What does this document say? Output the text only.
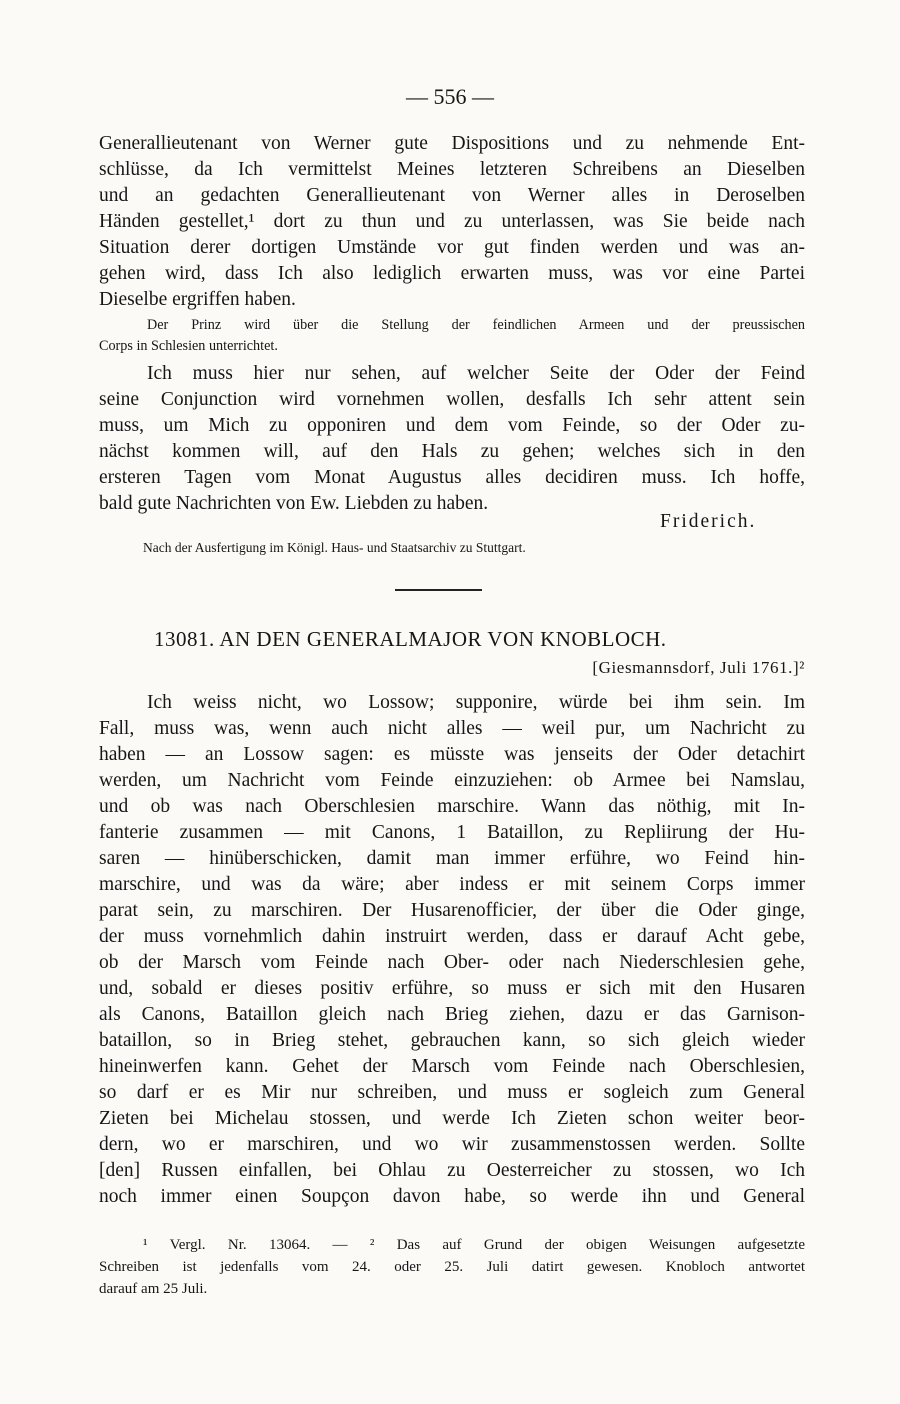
— 556 —
Generallieutenant von Werner gute Dispositions und zu nehmende Ent-
schlüsse, da Ich vermittelst Meines letzteren Schreibens an Dieselben
und an gedachten Generallieutenant von Werner alles in Deroselben
Händen gestellet,¹ dort zu thun und zu unterlassen, was Sie beide nach
Situation derer dortigen Umstände vor gut finden werden und was an-
gehen wird, dass Ich also lediglich erwarten muss, was vor eine Partei
Dieselbe ergriffen haben.
Der Prinz wird über die Stellung der feindlichen Armeen und der preussischen
Corps in Schlesien unterrichtet.
Ich muss hier nur sehen, auf welcher Seite der Oder der Feind
seine Conjunction wird vornehmen wollen, desfalls Ich sehr attent sein
muss, um Mich zu opponiren und dem vom Feinde, so der Oder zu-
nächst kommen will, auf den Hals zu gehen; welches sich in den
ersteren Tagen vom Monat Augustus alles decidiren muss. Ich hoffe,
bald gute Nachrichten von Ew. Liebden zu haben.
Friderich.
Nach der Ausfertigung im Königl. Haus- und Staatsarchiv zu Stuttgart.
13081. AN DEN GENERALMAJOR VON KNOBLOCH.
[Giesmannsdorf, Juli 1761.]²
Ich weiss nicht, wo Lossow; supponire, würde bei ihm sein. Im
Fall, muss was, wenn auch nicht alles — weil pur, um Nachricht zu
haben — an Lossow sagen: es müsste was jenseits der Oder detachirt
werden, um Nachricht vom Feinde einzuziehen: ob Armee bei Namslau,
und ob was nach Oberschlesien marschire. Wann das nöthig, mit In-
fanterie zusammen — mit Canons, 1 Bataillon, zu Repliirung der Hu-
saren — hinüberschicken, damit man immer erführe, wo Feind hin-
marschire, und was da wäre; aber indess er mit seinem Corps immer
parat sein, zu marschiren. Der Husarenofficier, der über die Oder ginge,
der muss vornehmlich dahin instruirt werden, dass er darauf Acht gebe,
ob der Marsch vom Feinde nach Ober- oder nach Niederschlesien gehe,
und, sobald er dieses positiv erführe, so muss er sich mit den Husaren
als Canons, Bataillon gleich nach Brieg ziehen, dazu er das Garnison-
bataillon, so in Brieg stehet, gebrauchen kann, so sich gleich wieder
hineinwerfen kann. Gehet der Marsch vom Feinde nach Oberschlesien,
so darf er es Mir nur schreiben, und muss er sogleich zum General
Zieten bei Michelau stossen, und werde Ich Zieten schon weiter beor-
dern, wo er marschiren, und wo wir zusammenstossen werden. Sollte
[den] Russen einfallen, bei Ohlau zu Oesterreicher zu stossen, wo Ich
noch immer einen Soupçon davon habe, so werde ihn und General
¹ Vergl. Nr. 13064. — ² Das auf Grund der obigen Weisungen aufgesetzte
Schreiben ist jedenfalls vom 24. oder 25. Juli datirt gewesen. Knobloch antwortet
darauf am 25 Juli.
